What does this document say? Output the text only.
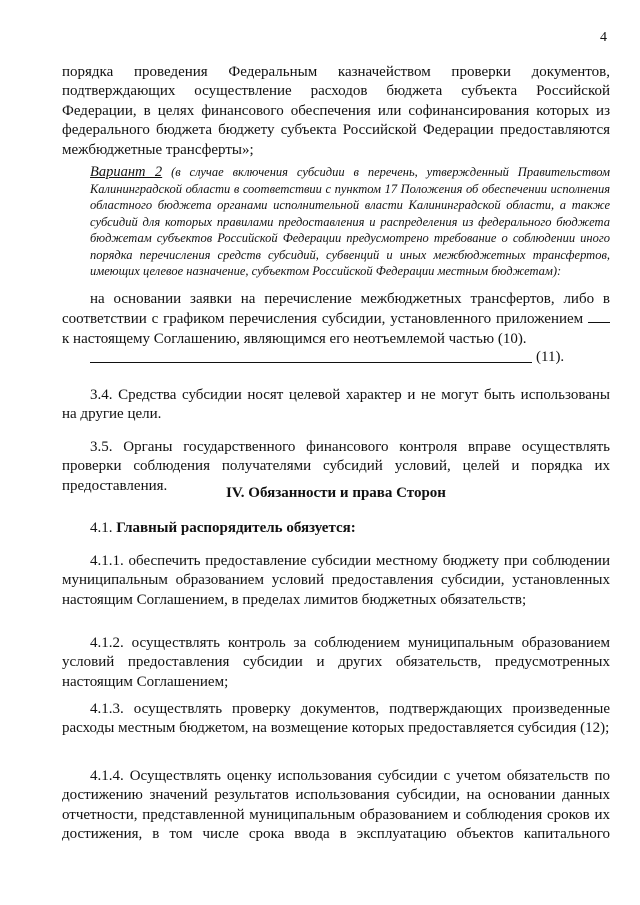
4

порядка проведения Федеральным казначейством проверки документов, подтверждающих осуществление расходов бюджета субъекта Российской Федерации, в целях финансового обеспечения или софинансирования которых из федерального бюджета бюджету субъекта Российской Федерации предоставляются межбюджетные трансферты»;

Вариант 2 (в случае включения субсидии в перечень, утвержденный Правительством Калининградской области в соответствии с пунктом 17 Положения об обеспечении исполнения областного бюджета органами исполнительной власти Калининградской области, а также субсидий для которых правилами предоставления и распределения из федерального бюджета бюджетам субъектов Российской Федерации предусмотрено требование о соблюдении иного порядка перечисления средств субсидий, субвенций и иных межбюджетных трансфертов, имеющих целевое назначение, субъектом Российской Федерации местным бюджетам):

на основании заявки на перечисление межбюджетных трансфертов, либо в соответствии с графиком перечисления субсидии, установленного приложением  к настоящему Соглашению, являющимся его неотъемлемой частью (10).

(11).

3.4. Средства субсидии носят целевой характер и не могут быть использованы на другие цели.

3.5. Органы государственного финансового контроля вправе осуществлять проверки соблюдения получателями субсидий условий, целей и порядка их предоставления.	IV. Обязанности и права Сторон

4.1. Главный распорядитель обязуется:

4.1.1. обеспечить предоставление субсидии местному бюджету при соблюдении муниципальным образованием условий предоставления субсидии, установленных настоящим Соглашением, в пределах лимитов бюджетных обязательств;

4.1.2. осуществлять контроль за соблюдением муниципальным образованием условий предоставления субсидии и других обязательств, предусмотренных настоящим Соглашением;

4.1.3. осуществлять проверку документов, подтверждающих произведенные расходы местным бюджетом, на возмещение которых предоставляется субсидия (12);

4.1.4. Осуществлять оценку использования субсидии с учетом обязательств по достижению значений результатов использования субсидии, на основании данных отчетности, представленной муниципальным образованием и соблюдения сроков их достижения, в том числе срока ввода в эксплуатацию объектов капитального
